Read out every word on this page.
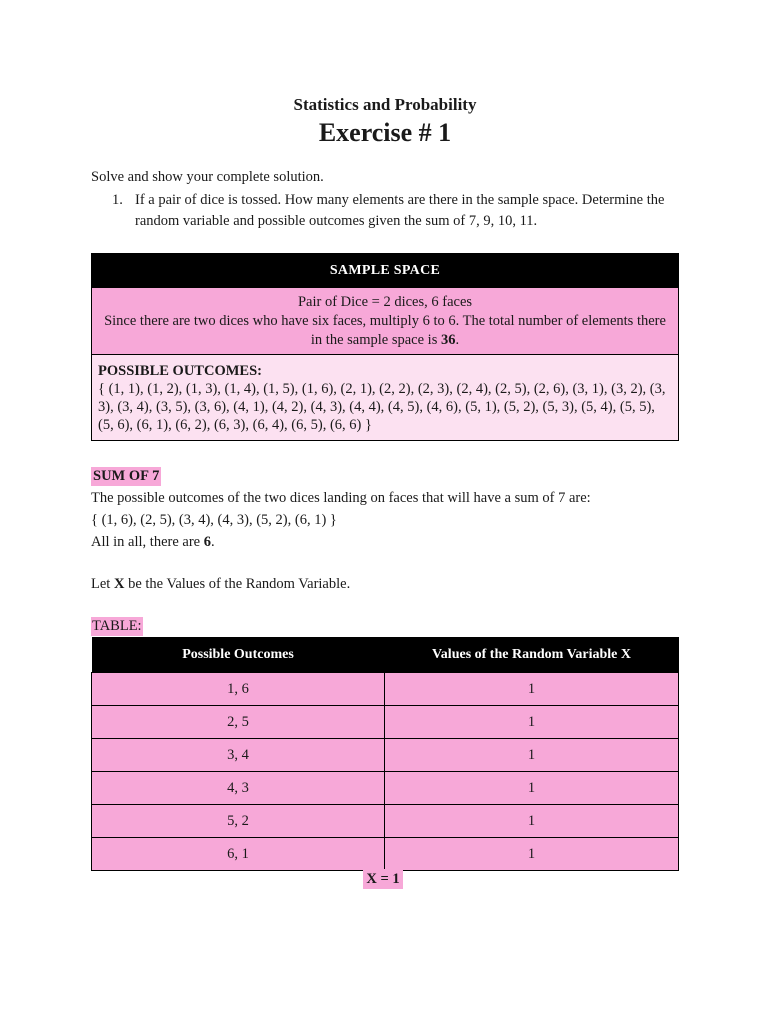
Statistics and Probability
Exercise # 1
Solve and show your complete solution.
1. If a pair of dice is tossed. How many elements are there in the sample space. Determine the random variable and possible outcomes given the sum of 7, 9, 10, 11.
SAMPLE SPACE
Pair of Dice = 2 dices, 6 faces
Since there are two dices who have six faces, multiply 6 to 6. The total number of elements there in the sample space is 36.
POSSIBLE OUTCOMES:
{ (1, 1), (1, 2), (1, 3), (1, 4), (1, 5), (1, 6), (2, 1), (2, 2), (2, 3), (2, 4), (2, 5), (2, 6), (3, 1), (3, 2), (3, 3), (3, 4), (3, 5), (3, 6), (4, 1), (4, 2), (4, 3), (4, 4), (4, 5), (4, 6), (5, 1), (5, 2), (5, 3), (5, 4), (5, 5), (5, 6), (6, 1), (6, 2), (6, 3), (6, 4), (6, 5), (6, 6) }
SUM OF 7
The possible outcomes of the two dices landing on faces that will have a sum of 7 are:
{ (1, 6), (2, 5), (3, 4), (4, 3), (5, 2), (6, 1) }
All in all, there are 6.
Let X be the Values of the Random Variable.
TABLE:
Possible Outcomes	Values of the Random Variable X
1, 6	1
2, 5	1
3, 4	1
4, 3	1
5, 2	1
6, 1	1
X = 1
